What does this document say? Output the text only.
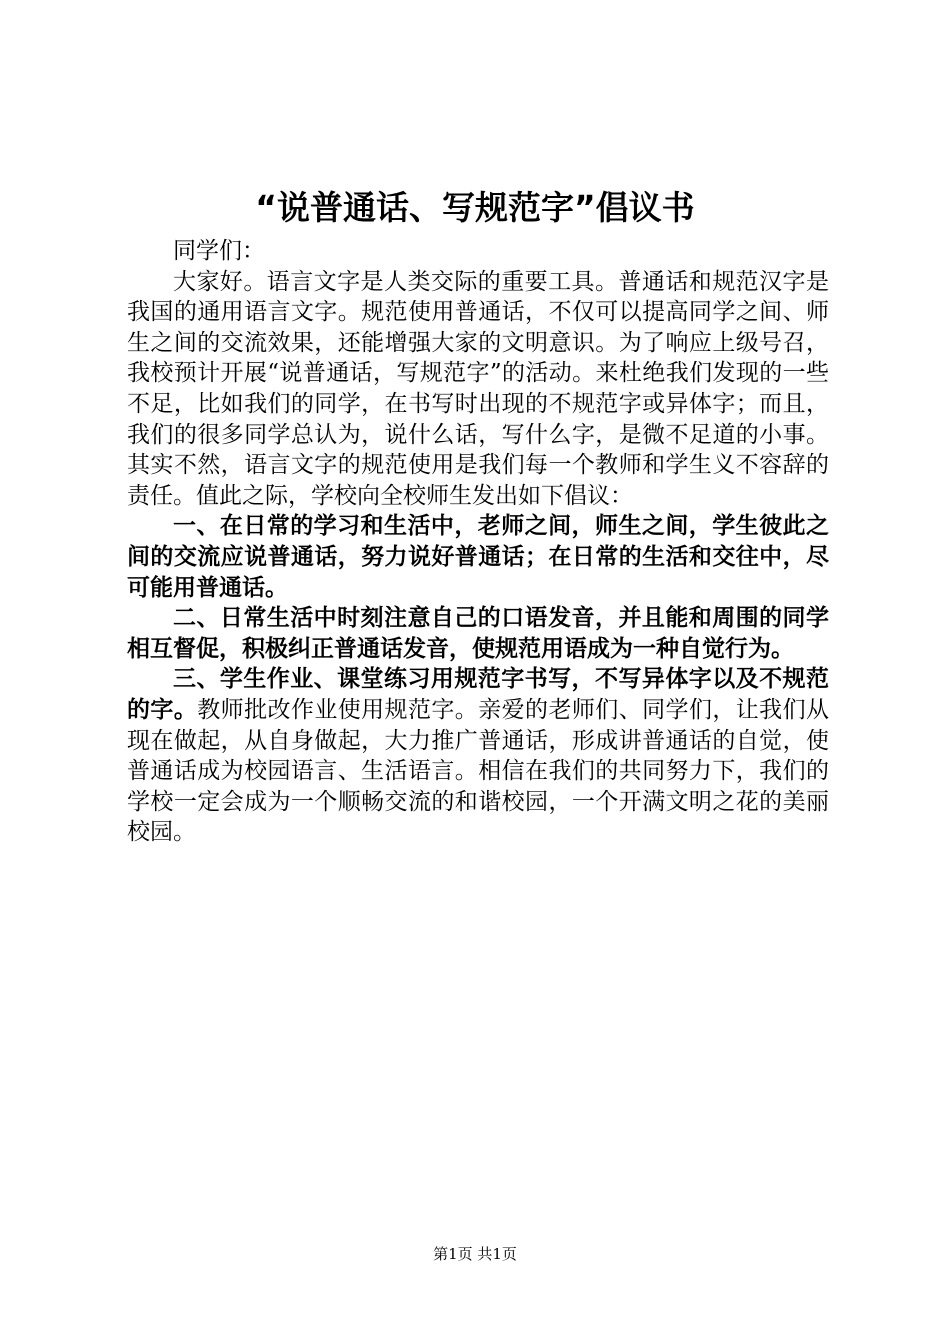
“说普通话、写规范字”倡议书

同学们：

大家好。语言文字是人类交际的重要工具。普通话和规范汉字是我国的通用语言文字。规范使用普通话，不仅可以提高同学之间、师生之间的交流效果，还能增强大家的文明意识。为了响应上级号召，我校预计开展“说普通话，写规范字”的活动。来杜绝我们发现的一些不足，比如我们的同学，在书写时出现的不规范字或异体字；而且，我们的很多同学总认为，说什么话，写什么字，是微不足道的小事。其实不然，语言文字的规范使用是我们每一个教师和学生义不容辞的责任。值此之际，学校向全校师生发出如下倡议：

一、在日常的学习和生活中，老师之间，师生之间，学生彼此之间的交流应说普通话，努力说好普通话；在日常的生活和交往中，尽可能用普通话。

二、日常生活中时刻注意自己的口语发音，并且能和周围的同学相互督促，积极纠正普通话发音，使规范用语成为一种自觉行为。

三、学生作业、课堂练习用规范字书写，不写异体字以及不规范的字。教师批改作业使用规范字。亲爱的老师们、同学们，让我们从现在做起，从自身做起，大力推广普通话，形成讲普通话的自觉，使普通话成为校园语言、生活语言。相信在我们的共同努力下，我们的学校一定会成为一个顺畅交流的和谐校园，一个开满文明之花的美丽校园。

第1页 共1页
